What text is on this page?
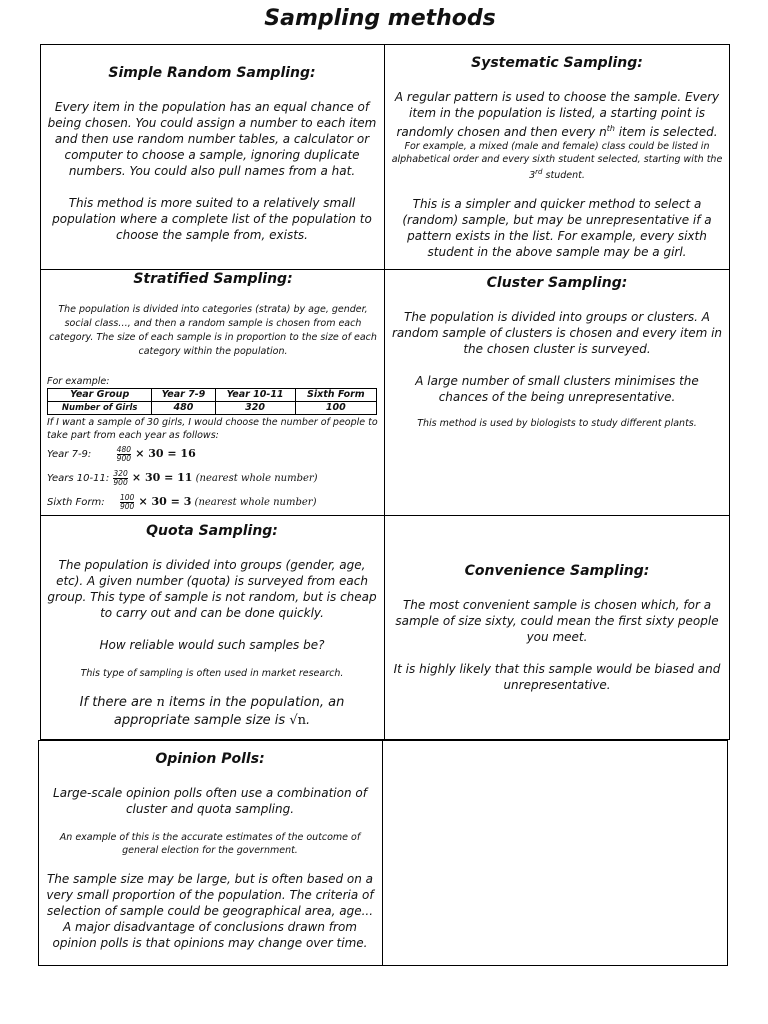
Sampling methods

Simple Random Sampling:

Every item in the population has an equal chance of being chosen. You could assign a number to each item and then use random number tables, a calculator or computer to choose a sample, ignoring duplicate numbers. You could also pull names from a hat.

This method is more suited to a relatively small population where a complete list of the population to choose the sample from, exists.

Systematic Sampling:

A regular pattern is used to choose the sample. Every item in the population is listed, a starting point is randomly chosen and then every $n^{th}$ item is selected.

For example, a mixed (male and female) class could be listed in alphabetical order and every sixth student selected, starting with the 3rd student.

This is a simpler and quicker method to select a (random) sample, but may be unrepresentative if a pattern exists in the list. For example, every sixth student in the above sample may be a girl.

Stratified Sampling:

The population is divided into categories (strata) by age, gender, social class…, and then a random sample is chosen from each category. The size of each sample is in proportion to the size of each category within the population.

For example:

Year Group	Year 7-9	Year 10-11	Sixth Form
Number of Girls	480	320	100

If I want a sample of 30 girls, I would choose the number of people to take part from each year as follows:

Year 7-9:	$\frac{480}{900} \times 30 = 16$
Years 10-11: $\frac{320}{900} \times 30 = 11$ (nearest whole number)
Sixth Form: $\frac{100}{900} \times 30 = 3$ (nearest whole number)

Cluster Sampling:

The population is divided into groups or clusters. A random sample of clusters is chosen and every item in the chosen cluster is surveyed.

A large number of small clusters minimises the chances of the being unrepresentative.

This method is used by biologists to study different plants.

Quota Sampling:

The population is divided into groups (gender, age, etc). A given number (quota) is surveyed from each group. This type of sample is not random, but is cheap to carry out and can be done quickly.

How reliable would such samples be?

This type of sampling is often used in market research.

If there are n items in the population, an appropriate sample size is √n.

Convenience Sampling:

The most convenient sample is chosen which, for a sample of size sixty, could mean the first sixty people you meet.

It is highly likely that this sample would be biased and unrepresentative.

Opinion Polls:

Large-scale opinion polls often use a combination of cluster and quota sampling.

An example of this is the accurate estimates of the outcome of general election for the government.

The sample size may be large, but is often based on a very small proportion of the population. The criteria of selection of sample could be geographical area, age... A major disadvantage of conclusions drawn from opinion polls is that opinions may change over time.
